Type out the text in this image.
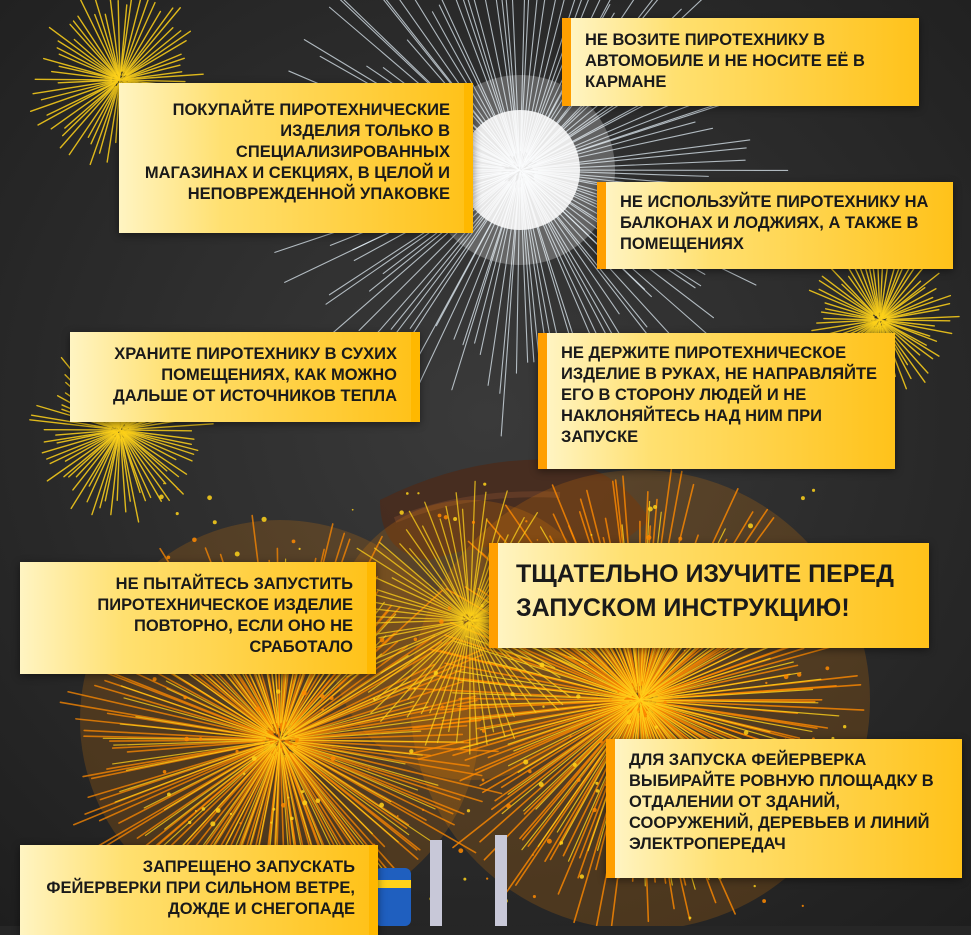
НЕ ВОЗИТЕ ПИРОТЕХНИКУ В АВТОМОБИЛЕ И НЕ НОСИТЕ ЕЁ В КАРМАНЕ
ПОКУПАЙТЕ ПИРОТЕХНИЧЕСКИЕ ИЗДЕЛИЯ ТОЛЬКО В СПЕЦИАЛИЗИРОВАННЫХ МАГАЗИНАХ И СЕКЦИЯХ, В ЦЕЛОЙ И НЕПОВРЕЖДЕННОЙ УПАКОВКЕ	НЕ ИСПОЛЬЗУЙТЕ ПИРОТЕХНИКУ НА БАЛКОНАХ И ЛОДЖИЯХ, А ТАКЖЕ В ПОМЕЩЕНИЯХ
ХРАНИТЕ ПИРОТЕХНИКУ В СУХИХ ПОМЕЩЕНИЯХ, КАК МОЖНО ДАЛЬШЕ ОТ ИСТОЧНИКОВ ТЕПЛА
НЕ ДЕРЖИТЕ ПИРОТЕХНИЧЕСКОЕ ИЗДЕЛИЕ В РУКАХ, НЕ НАПРАВЛЯЙТЕ ЕГО В СТОРОНУ ЛЮДЕЙ И НЕ НАКЛОНЯЙТЕСЬ НАД НИМ ПРИ ЗАПУСКЕ
ТЩАТЕЛЬНО ИЗУЧИТЕ ПЕРЕД ЗАПУСКОМ ИНСТРУКЦИЮ!
НЕ ПЫТАЙТЕСЬ ЗАПУСТИТЬ ПИРОТЕХНИЧЕСКОЕ ИЗДЕЛИЕ ПОВТОРНО, ЕСЛИ ОНО НЕ СРАБОТАЛО
ДЛЯ ЗАПУСКА ФЕЙЕРВЕРКА ВЫБИРАЙТЕ РОВНУЮ ПЛОЩАДКУ В ОТДАЛЕНИИ ОТ ЗДАНИЙ, СООРУЖЕНИЙ, ДЕРЕВЬЕВ И ЛИНИЙ ЭЛЕКТРОПЕРЕДАЧ
ЗАПРЕЩЕНО ЗАПУСКАТЬ ФЕЙЕРВЕРКИ ПРИ СИЛЬНОМ ВЕТРЕ, ДОЖДЕ И СНЕГОПАДЕ
